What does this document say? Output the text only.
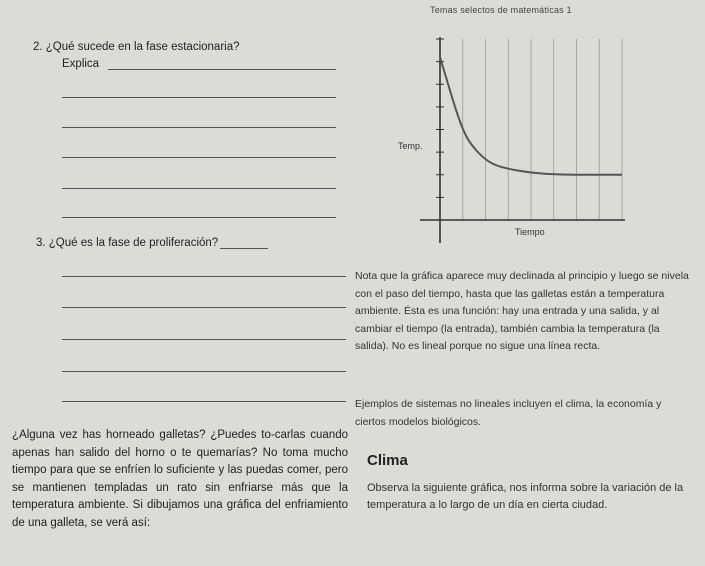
Temas selectos de matemáticas 1
2. ¿Qué sucede en la fase estacionaria?
Explica
3. ¿Qué es la fase de proliferación?
Temp.
Tiempo

Nota que la gráfica aparece muy declinada al principio y luego se nivela con el paso del tiempo, hasta que las galletas están a temperatura ambiente. Ésta es una función: hay una entrada y una salida, y al cambiar el tiempo (la entrada), también cambia la temperatura (la salida). No es lineal porque no sigue una línea recta.

Ejemplos de sistemas no lineales incluyen el clima, la economía y ciertos modelos biológicos.

¿Alguna vez has horneado galletas? ¿Puedes to-carlas cuando apenas han salido del horno o te quemarías? No toma mucho tiempo para que se enfríen lo suficiente y las puedas comer, pero se mantienen templadas un rato sin enfriarse más que la temperatura ambiente. Si dibujamos una gráfica del enfriamiento de una galleta, se verá así:
Clima
Observa la siguiente gráfica, nos informa sobre la variación de la temperatura a lo largo de un día en cierta ciudad.
